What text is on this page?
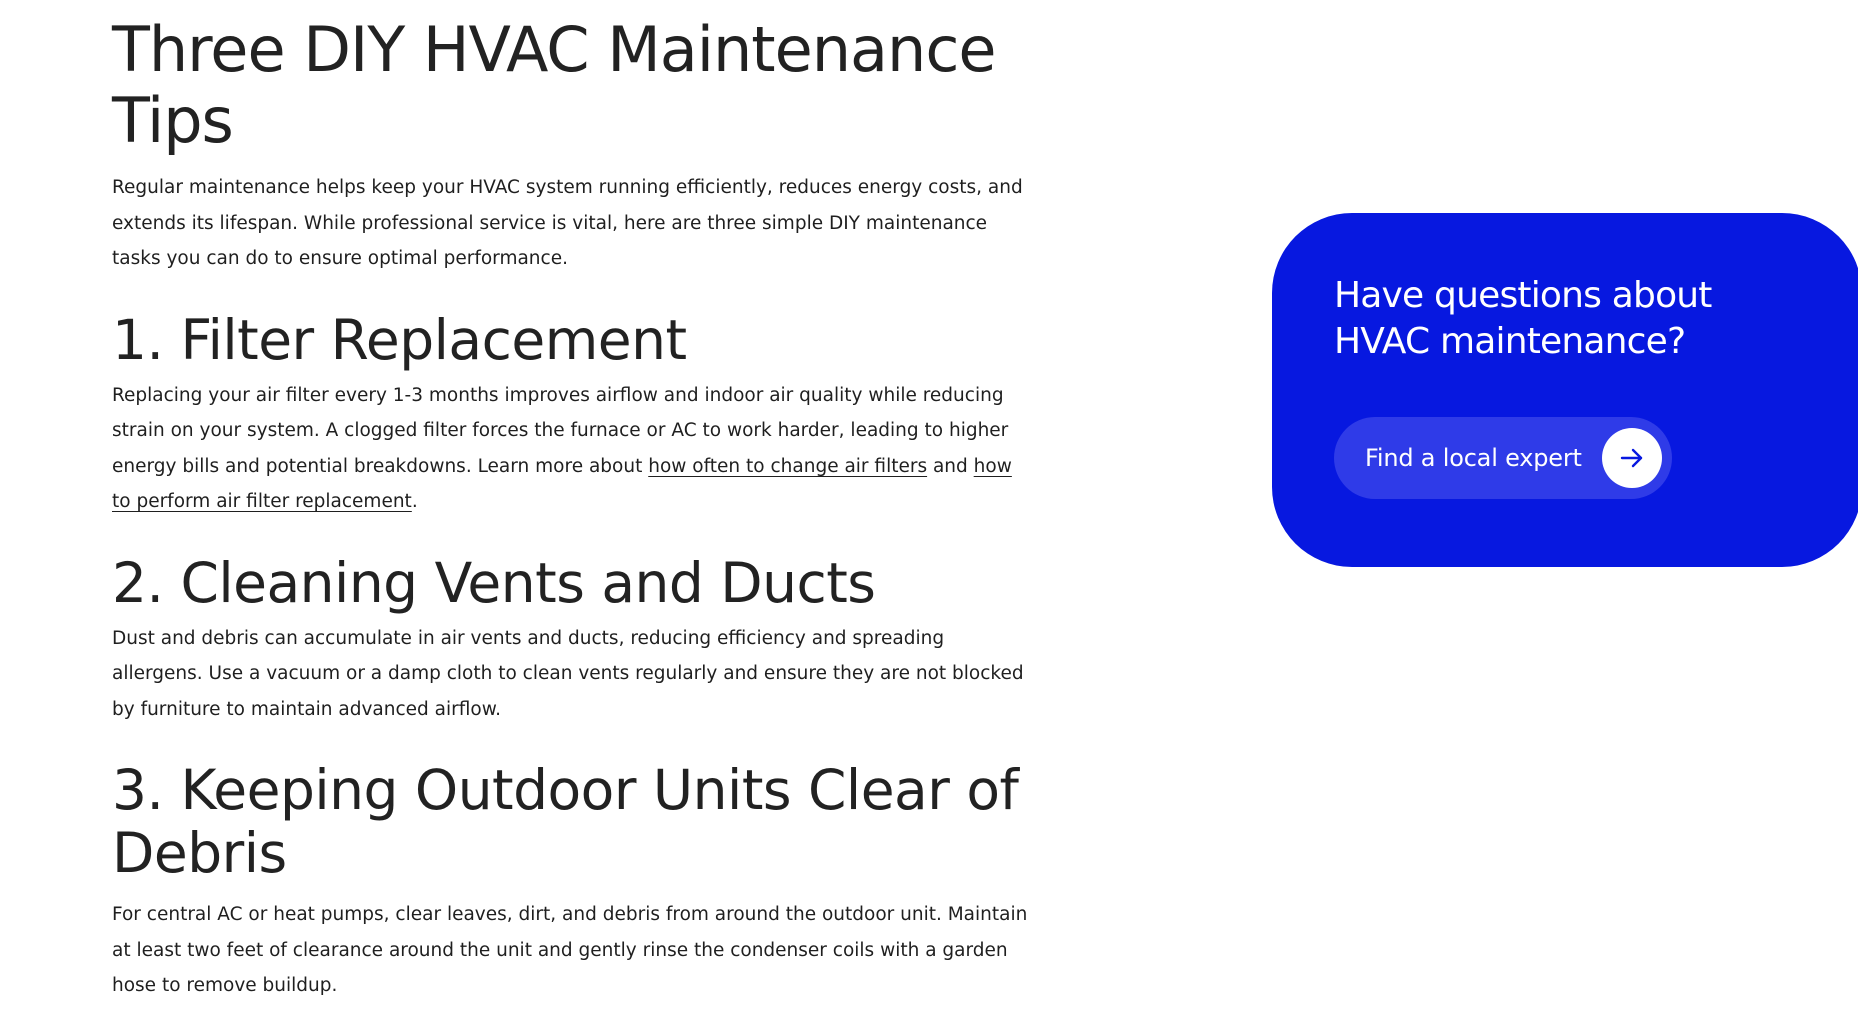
Three DIY HVAC Maintenance Tips

Regular maintenance helps keep your HVAC system running efficiently, reduces energy costs, and extends its lifespan. While professional service is vital, here are three simple DIY maintenance tasks you can do to ensure optimal performance.

1. Filter Replacement

Replacing your air filter every 1-3 months improves airflow and indoor air quality while reducing strain on your system. A clogged filter forces the furnace or AC to work harder, leading to higher energy bills and potential breakdowns. Learn more about how often to change air filters and how to perform air filter replacement.

2. Cleaning Vents and Ducts

Dust and debris can accumulate in air vents and ducts, reducing efficiency and spreading allergens. Use a vacuum or a damp cloth to clean vents regularly and ensure they are not blocked by furniture to maintain advanced airflow.

3. Keeping Outdoor Units Clear of Debris

For central AC or heat pumps, clear leaves, dirt, and debris from around the outdoor unit. Maintain at least two feet of clearance around the unit and gently rinse the condenser coils with a garden hose to remove buildup.

Have questions about HVAC maintenance?
Find a local expert
